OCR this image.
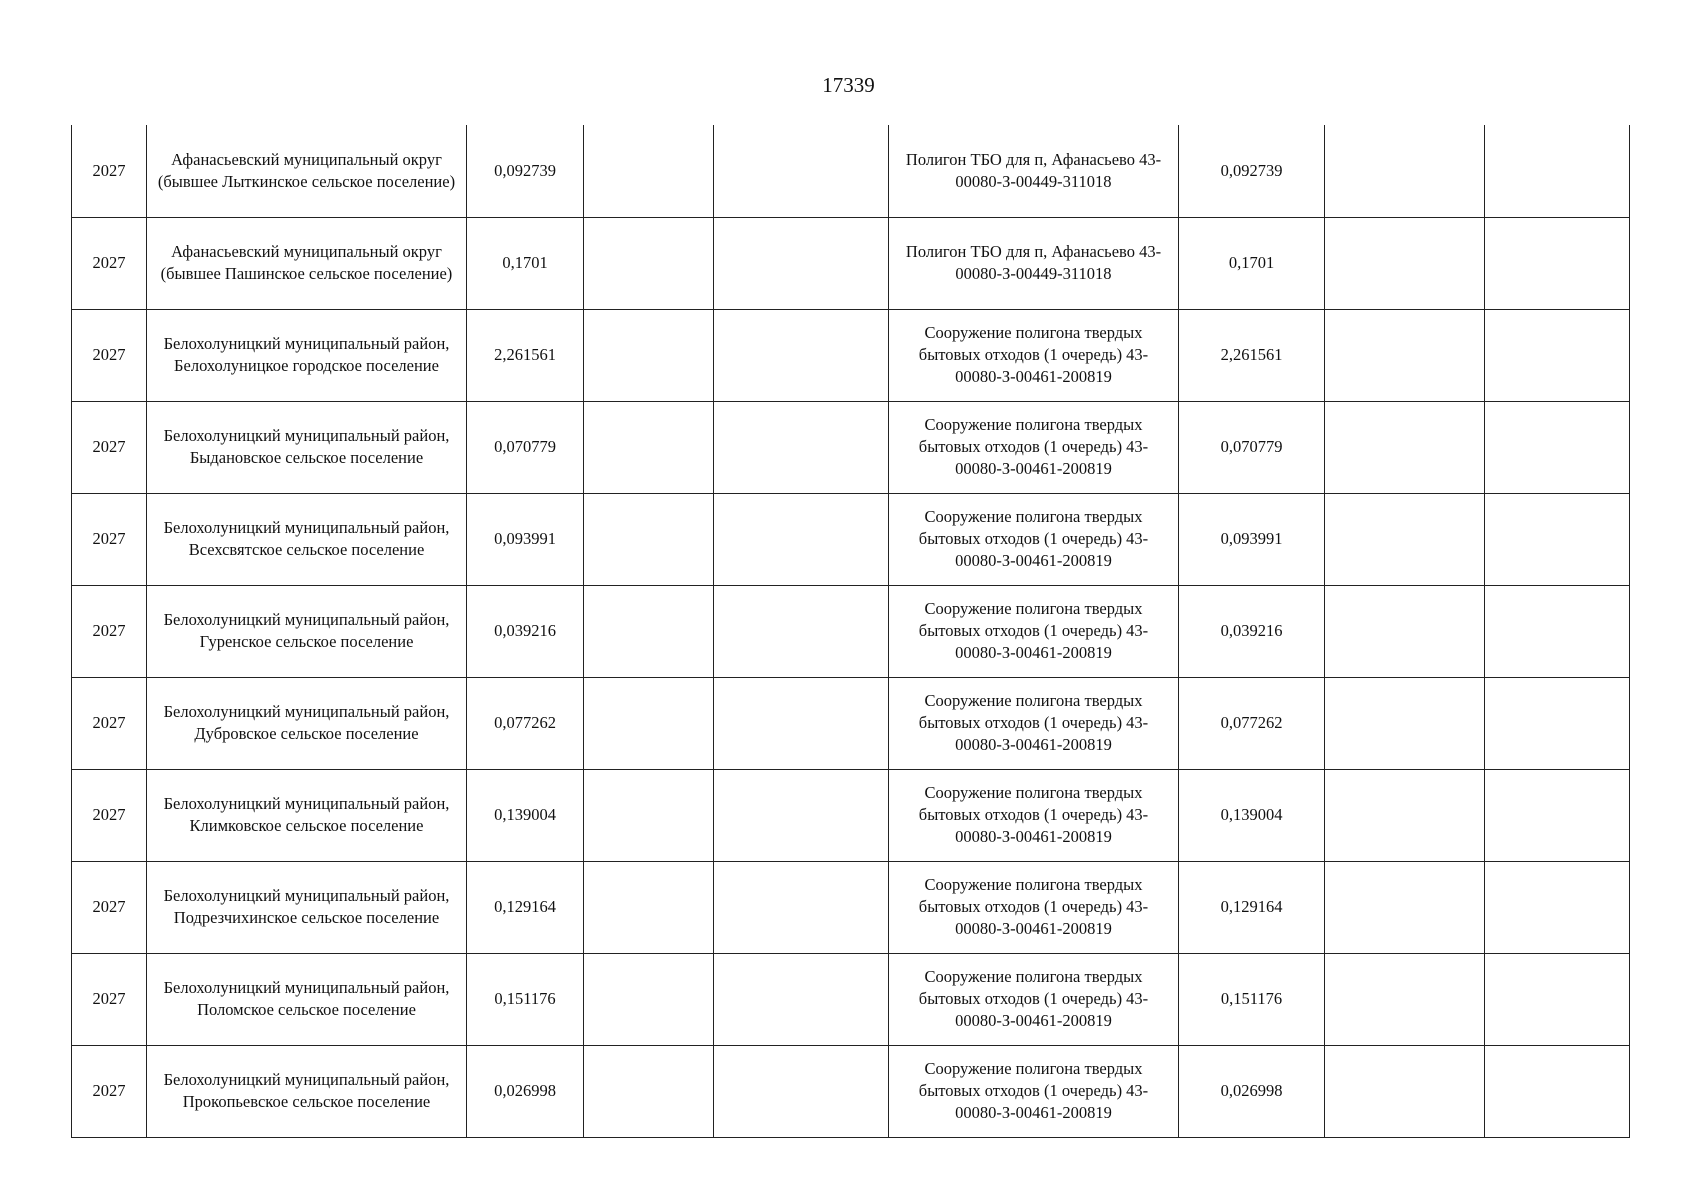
17339
2027	Афанасьевский муниципальный округ (бывшее Лыткинское сельское поселение)	0,092739			Полигон ТБО для п, Афанасьево 43-00080-З-00449-311018	0,092739		
2027	Афанасьевский муниципальный округ (бывшее Пашинское сельское поселение)	0,1701			Полигон ТБО для п, Афанасьево 43-00080-З-00449-311018	0,1701		
2027	Белохолуницкий муниципальный район, Белохолуницкое городское поселение	2,261561			Сооружение полигона твердых бытовых отходов (1 очередь) 43-00080-З-00461-200819	2,261561		
2027	Белохолуницкий муниципальный район, Быдановское сельское поселение	0,070779			Сооружение полигона твердых бытовых отходов (1 очередь) 43-00080-З-00461-200819	0,070779		
2027	Белохолуницкий муниципальный район, Всехсвятское сельское поселение	0,093991			Сооружение полигона твердых бытовых отходов (1 очередь) 43-00080-З-00461-200819	0,093991		
2027	Белохолуницкий муниципальный район, Гуренское сельское поселение	0,039216			Сооружение полигона твердых бытовых отходов (1 очередь) 43-00080-З-00461-200819	0,039216		
2027	Белохолуницкий муниципальный район, Дубровское сельское поселение	0,077262			Сооружение полигона твердых бытовых отходов (1 очередь) 43-00080-З-00461-200819	0,077262		
2027	Белохолуницкий муниципальный район, Климковское сельское поселение	0,139004			Сооружение полигона твердых бытовых отходов (1 очередь) 43-00080-З-00461-200819	0,139004		
2027	Белохолуницкий муниципальный район, Подрезчихинское сельское поселение	0,129164			Сооружение полигона твердых бытовых отходов (1 очередь) 43-00080-З-00461-200819	0,129164		
2027	Белохолуницкий муниципальный район, Поломское сельское поселение	0,151176			Сооружение полигона твердых бытовых отходов (1 очередь) 43-00080-З-00461-200819	0,151176		
2027	Белохолуницкий муниципальный район, Прокопьевское сельское поселение	0,026998			Сооружение полигона твердых бытовых отходов (1 очередь) 43-00080-З-00461-200819	0,026998		
